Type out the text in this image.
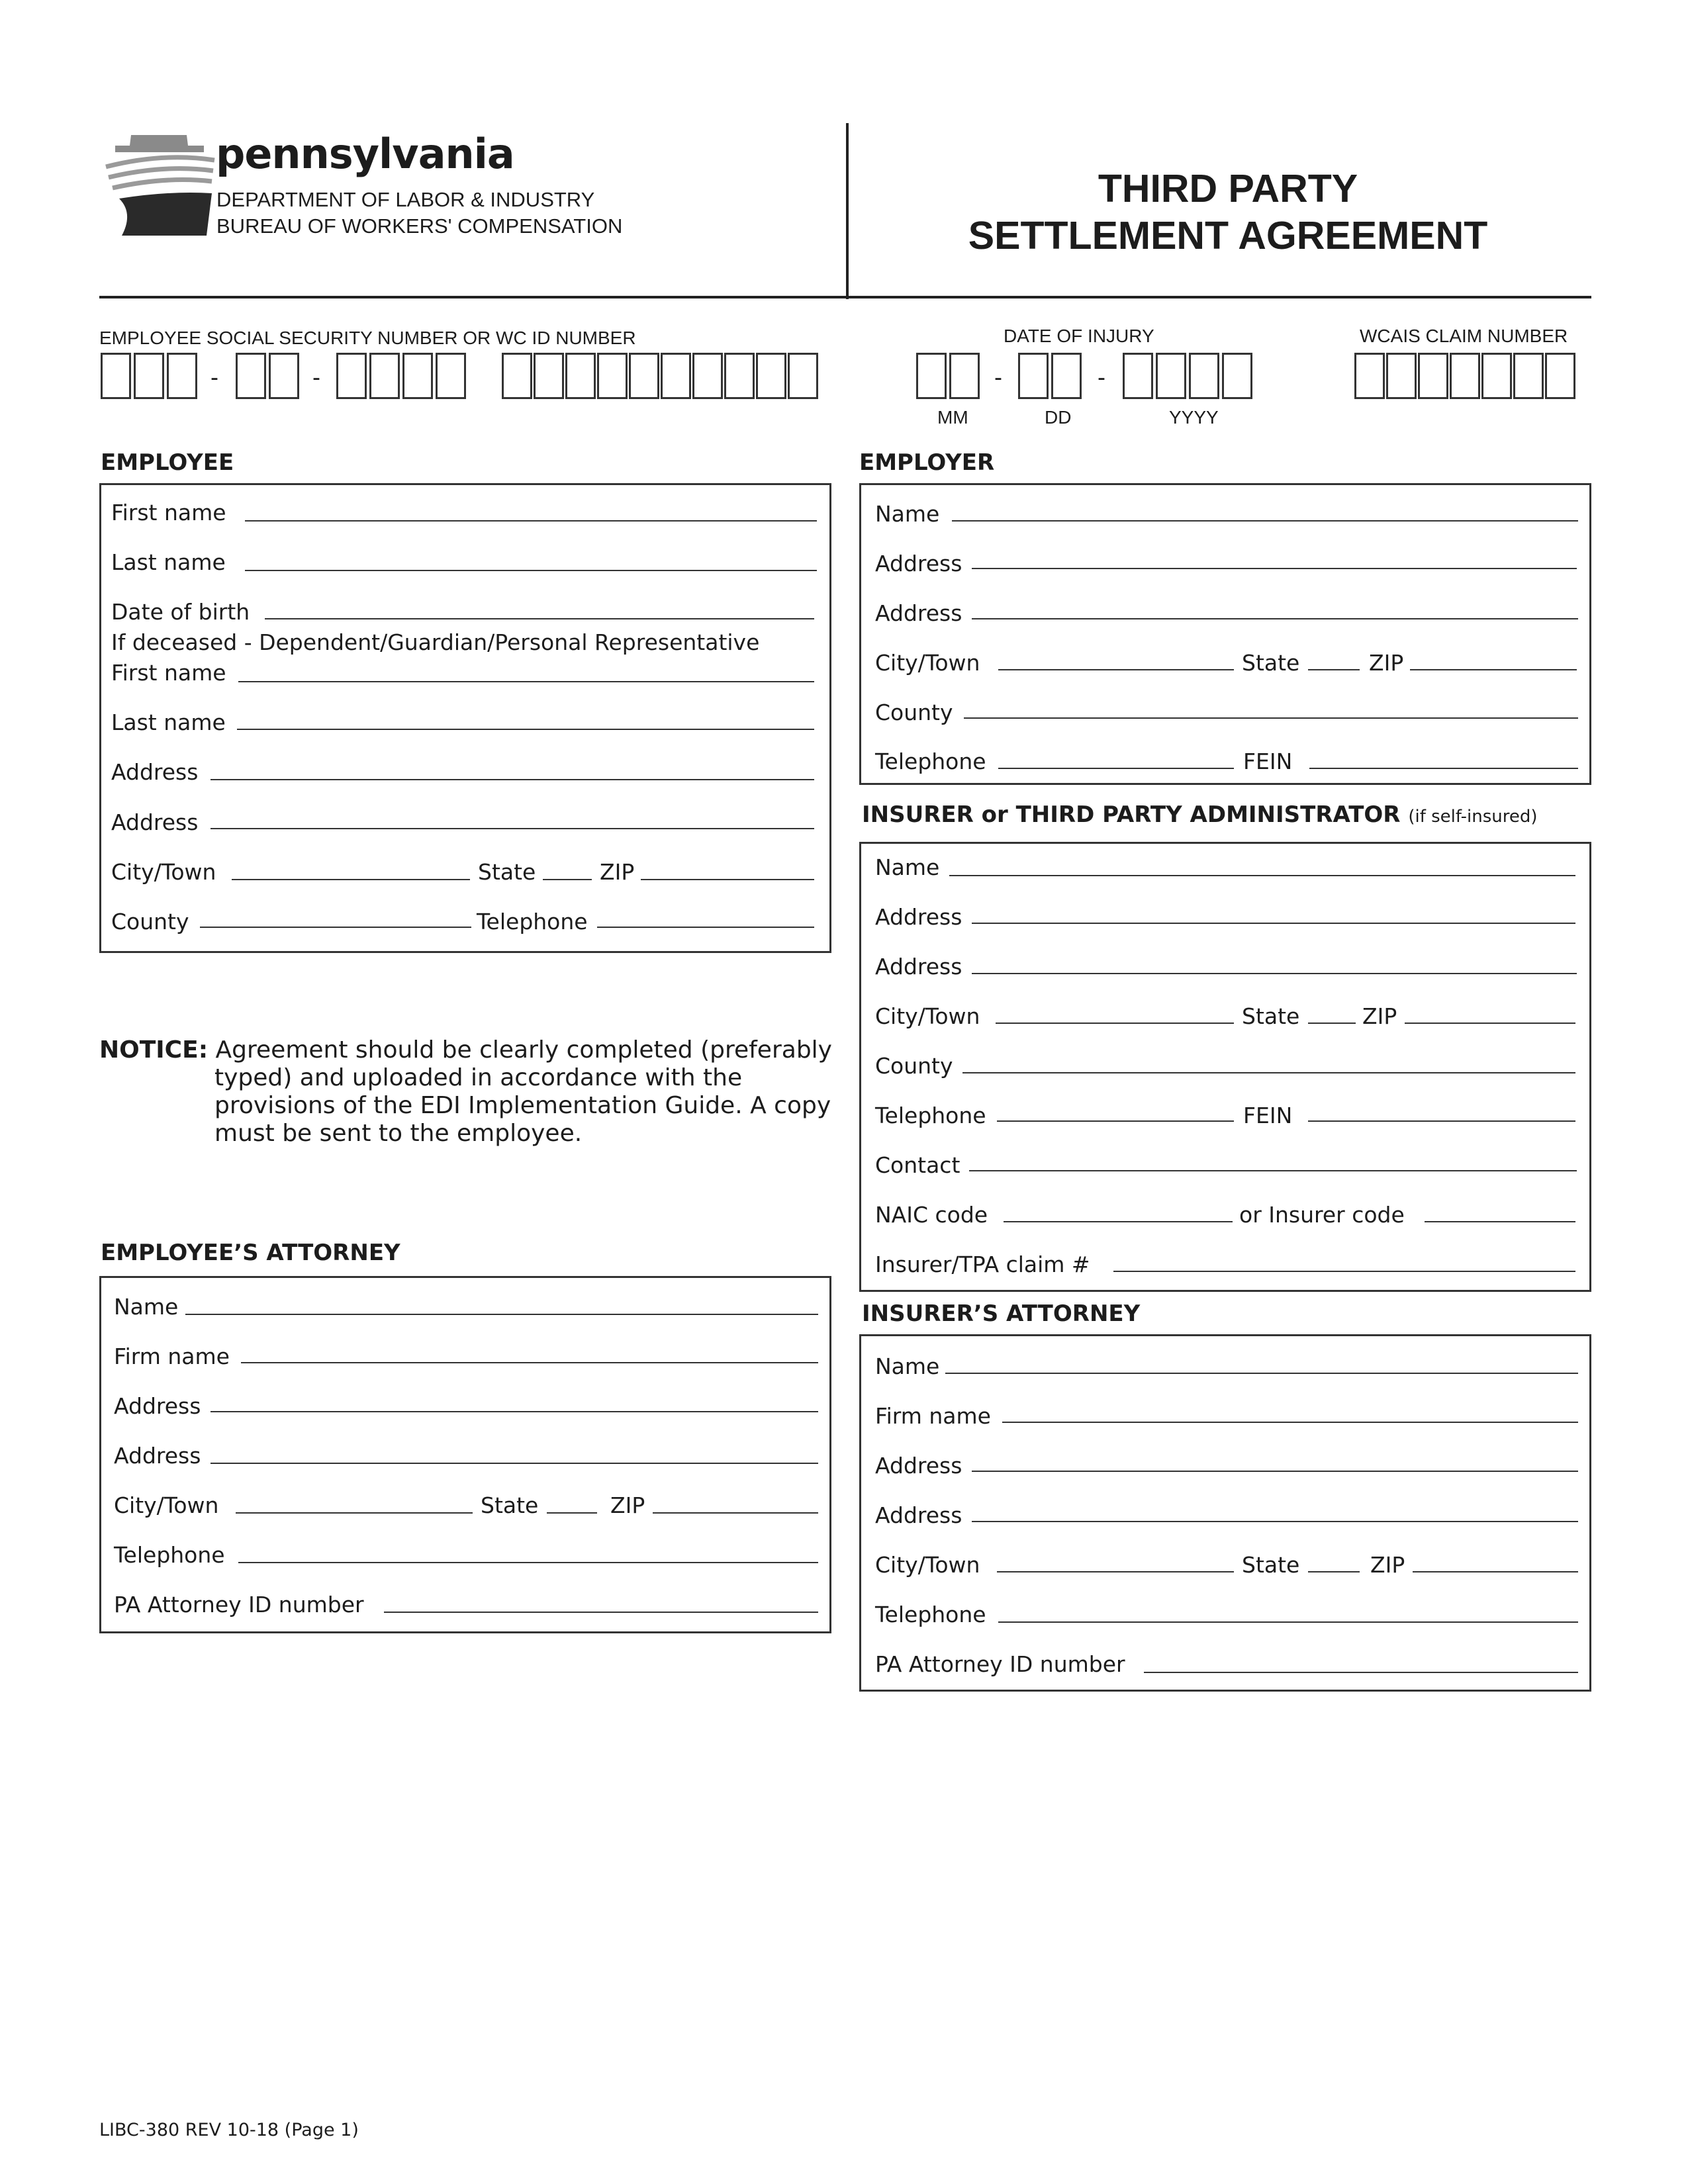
pennsylvania
DEPARTMENT OF LABOR & INDUSTRY
BUREAU OF WORKERS' COMPENSATION
THIRD PARTY
SETTLEMENT AGREEMENT
EMPLOYEE SOCIAL SECURITY NUMBER OR WC ID NUMBER	DATE OF INJURY	WCAIS CLAIM NUMBER
-	-	-	-
MM	DD	YYYY
EMPLOYEE
First name
Last name
Date of birth
If deceased - Dependent/Guardian/Personal Representative
First name
Last name
Address
Address
City/Town	State	ZIP
County	Telephone
NOTICE: Agreement should be clearly completed (preferably
typed) and uploaded in accordance with the
provisions of the EDI Implementation Guide. A copy
must be sent to the employee.
EMPLOYEE’S ATTORNEY
Name
Firm name
Address
Address
City/Town	State	ZIP
Telephone
PA Attorney ID number
EMPLOYER
Name
Address
Address
City/Town	State	ZIP
County
Telephone	FEIN
INSURER or THIRD PARTY ADMINISTRATOR (if self-insured)
Name
Address
Address
City/Town	State	ZIP
County
Telephone	FEIN
Contact
NAIC code	or Insurer code
Insurer/TPA claim #
INSURER’S ATTORNEY
Name
Firm name
Address
Address
City/Town	State	ZIP
Telephone
PA Attorney ID number
LIBC-380 REV 10-18 (Page 1)
